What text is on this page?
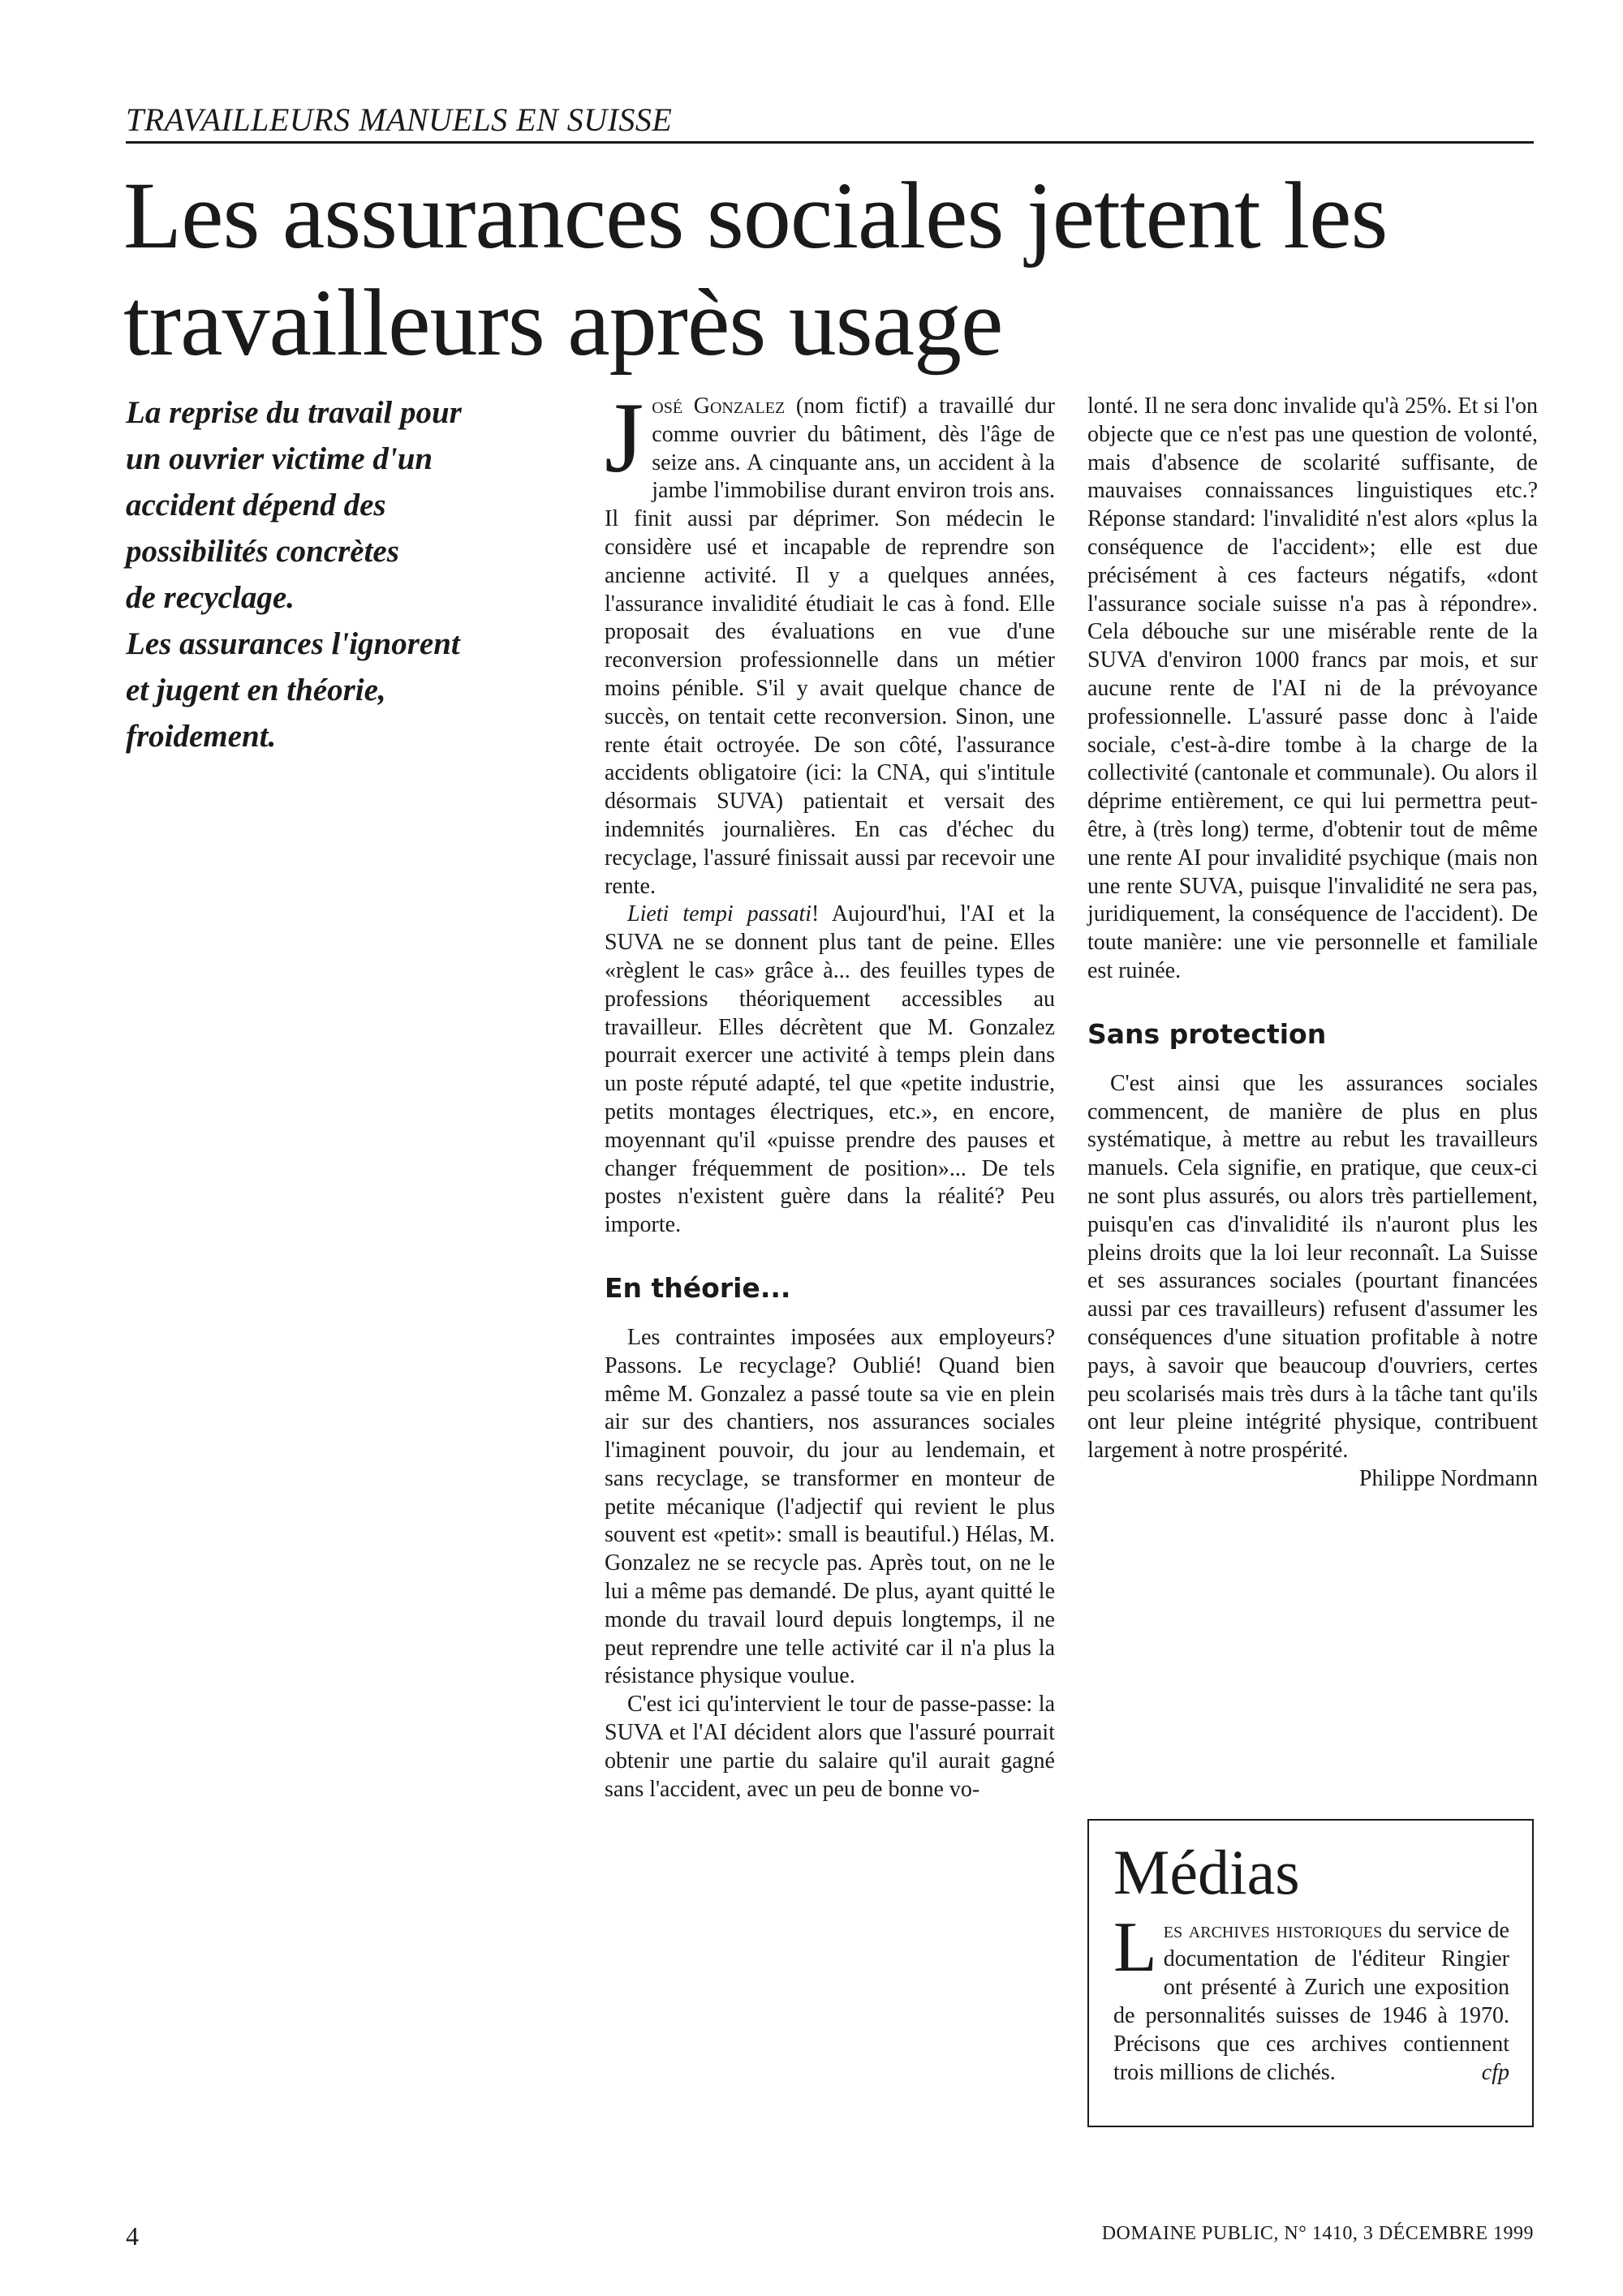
TRAVAILLEURS MANUELS EN SUISSE
Les assurances sociales jettent les travailleurs après usage

La reprise du travail pour

un ouvrier victime d'un

accident dépend des

possibilités concrètes

de recyclage.

Les assurances l'ignorent

et jugent en théorie,

froidement.

José Gonzalez (nom fictif) a travaillé dur comme ouvrier du bâtiment, dès l'âge de seize ans. A cinquante ans, un accident à la jambe l'immobilise durant environ trois ans. Il finit aussi par déprimer. Son médecin le considère usé et incapable de reprendre son ancienne activité. Il y a quelques années, l'assurance invalidité étudiait le cas à fond. Elle proposait des évaluations en vue d'une reconversion professionnelle dans un métier moins pénible. S'il y avait quelque chance de succès, on tentait cette reconversion. Sinon, une rente était octroyée. De son côté, l'assurance accidents obligatoire (ici: la CNA, qui s'intitule désormais SUVA) patientait et versait des indemnités journalières. En cas d'échec du recyclage, l'assuré finissait aussi par recevoir une rente.

Lieti tempi passati! Aujourd'hui, l'AI et la SUVA ne se donnent plus tant de peine. Elles «règlent le cas» grâce à... des feuilles types de professions théoriquement accessibles au travailleur. Elles décrètent que M. Gonzalez pourrait exercer une activité à temps plein dans un poste réputé adapté, tel que «petite industrie, petits montages électriques, etc.», en encore, moyennant qu'il «puisse prendre des pauses et changer fréquemment de position»... De tels postes n'existent guère dans la réalité? Peu importe.

En théorie...

Les contraintes imposées aux employeurs? Passons. Le recyclage? Oublié! Quand bien même M. Gonzalez a passé toute sa vie en plein air sur des chantiers, nos assurances sociales l'imaginent pouvoir, du jour au lendemain, et sans recyclage, se transformer en monteur de petite mécanique (l'adjectif qui revient le plus souvent est «petit»: small is beautiful.) Hélas, M. Gonzalez ne se recycle pas. Après tout, on ne le lui a même pas demandé. De plus, ayant quitté le monde du travail lourd depuis longtemps, il ne peut reprendre une telle activité car il n'a plus la résistance physique voulue.

C'est ici qu'intervient le tour de passe-passe: la SUVA et l'AI décident alors que l'assuré pourrait obtenir une partie du salaire qu'il aurait gagné sans l'accident, avec un peu de bonne vo-

lonté. Il ne sera donc invalide qu'à 25%. Et si l'on objecte que ce n'est pas une question de volonté, mais d'absence de scolarité suffisante, de mauvaises connaissances linguistiques etc.? Réponse standard: l'invalidité n'est alors «plus la conséquence de l'accident»; elle est due précisément à ces facteurs négatifs, «dont l'assurance sociale suisse n'a pas à répondre». Cela débouche sur une misérable rente de la SUVA d'environ 1000 francs par mois, et sur aucune rente de l'AI ni de la prévoyance professionnelle. L'assuré passe donc à l'aide sociale, c'est-à-dire tombe à la charge de la collectivité (cantonale et communale). Ou alors il déprime entièrement, ce qui lui permettra peut-être, à (très long) terme, d'obtenir tout de même une rente AI pour invalidité psychique (mais non une rente SUVA, puisque l'invalidité ne sera pas, juridiquement, la conséquence de l'accident). De toute manière: une vie personnelle et familiale est ruinée.

Sans protection

C'est ainsi que les assurances sociales commencent, de manière de plus en plus systématique, à mettre au rebut les travailleurs manuels. Cela signifie, en pratique, que ceux-ci ne sont plus assurés, ou alors très partiellement, puisqu'en cas d'invalidité ils n'auront plus les pleins droits que la loi leur reconnaît. La Suisse et ses assurances sociales (pourtant financées aussi par ces travailleurs) refusent d'assumer les conséquences d'une situation profitable à notre pays, à savoir que beaucoup d'ouvriers, certes peu scolarisés mais très durs à la tâche tant qu'ils ont leur pleine intégrité physique, contribuent largement à notre prospérité.

Philippe Nordmann

Médias

Les archives historiques du service de documentation de l'éditeur Ringier ont présenté à Zurich une exposition de personnalités suisses de 1946 à 1970. Précisons que ces archives contiennent trois millions de clichés.	cfp

4	DOMAINE PUBLIC, N° 1410, 3 DÉCEMBRE 1999
